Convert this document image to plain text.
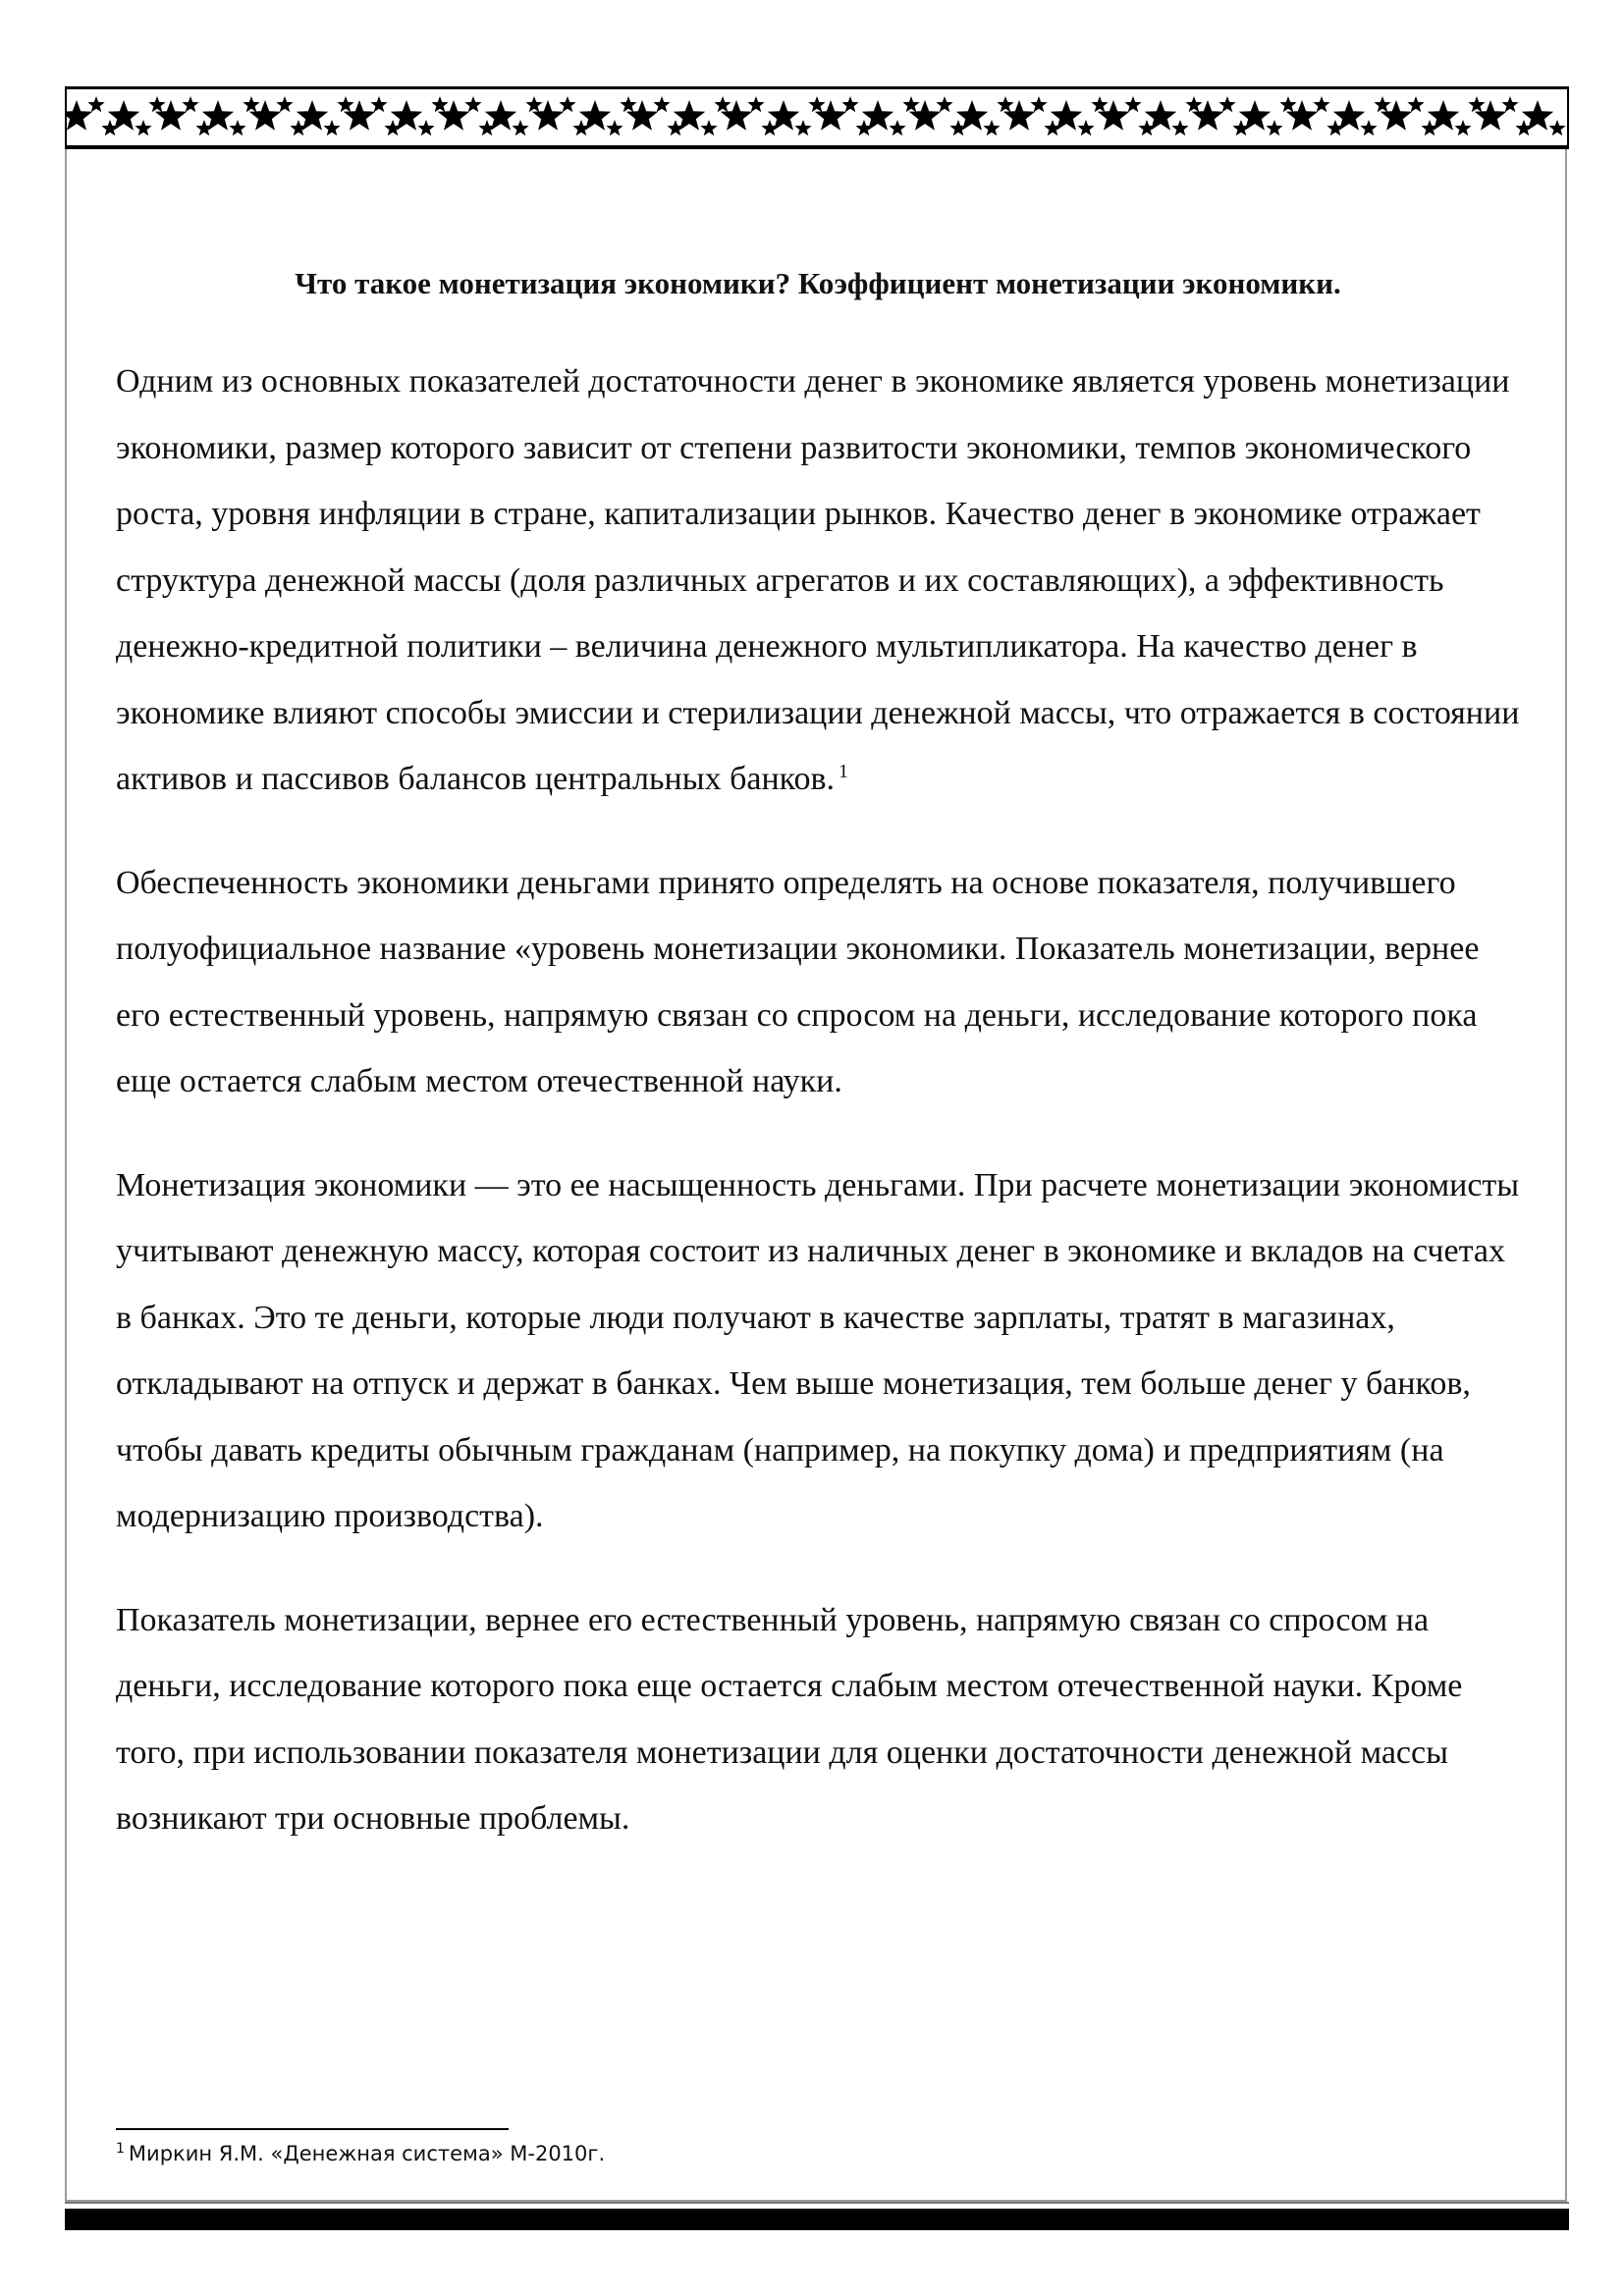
Что такое монетизация экономики? Коэффициент монетизации экономики.

Одним из основных показателей достаточности денег в экономике является уровень монетизации экономики, размер которого зависит от степени развитости экономики, темпов экономического роста, уровня инфляции в стране, капитализации рынков. Качество денег в экономике отражает структура денежной массы (доля различных агрегатов и их составляющих), а эффективность денежно-кредитной политики – величина денежного мультипликатора. На качество денег в экономике влияют способы эмиссии и стерилизации денежной массы, что отражается в состоянии активов и пассивов балансов центральных банков. $^1$

Обеспеченность экономики деньгами принято определять на основе показателя, получившего полуофициальное название «уровень монетизации экономики. Показатель монетизации, вернее его естественный уровень, напрямую связан со спросом на деньги, исследование которого пока еще остается слабым местом отечественной науки.

Монетизация экономики — это ее насыщенность деньгами. При расчете монетизации экономисты учитывают денежную массу, которая состоит из наличных денег в экономике и вкладов на счетах в банках. Это те деньги, которые люди получают в качестве зарплаты, тратят в магазинах, откладывают на отпуск и держат в банках. Чем выше монетизация, тем больше денег у банков, чтобы давать кредиты обычным гражданам (например, на покупку дома) и предприятиям (на модернизацию производства).

Показатель монетизации, вернее его естественный уровень, напрямую связан со спросом на деньги, исследование которого пока еще остается слабым местом отечественной науки. Кроме того, при использовании показателя монетизации для оценки достаточности денежной массы возникают три основные проблемы.

$^1$ Миркин Я.М. «Денежная система» М-2010г.
